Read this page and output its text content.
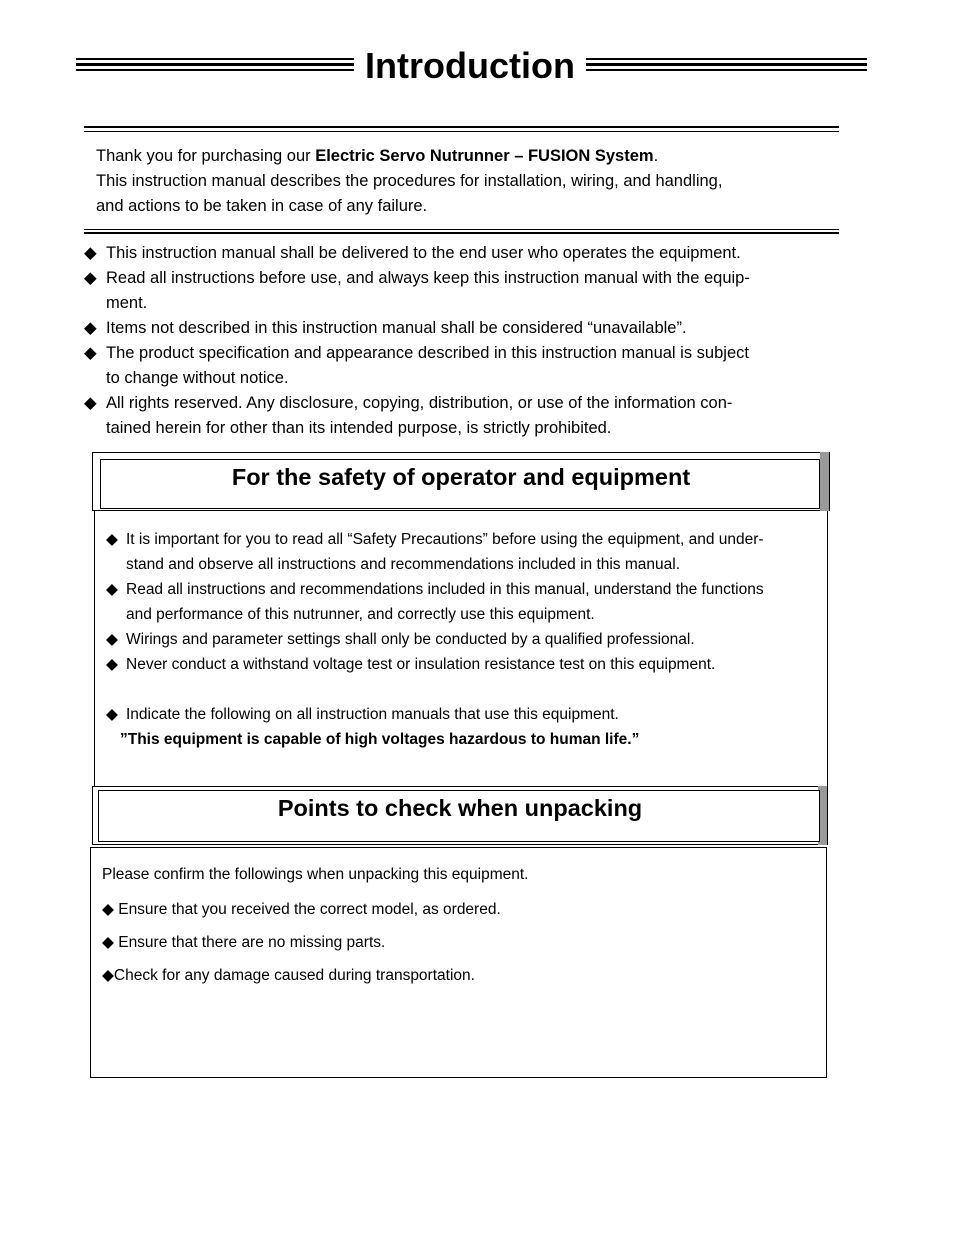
Introduction
Thank you for purchasing our Electric Servo Nutrunner – FUSION System.
This instruction manual describes the procedures for installation, wiring, and handling,
and actions to be taken in case of any failure.
◆ This instruction manual shall be delivered to the end user who operates the equipment.
◆ Read all instructions before use, and always keep this instruction manual with the equip-
ment.
◆ Items not described in this instruction manual shall be considered “unavailable”.
◆ The product specification and appearance described in this instruction manual is subject
to change without notice.
◆ All rights reserved. Any disclosure, copying, distribution, or use of the information con-
tained herein for other than its intended purpose, is strictly prohibited.
For the safety of operator and equipment
◆ It is important for you to read all “Safety Precautions” before using the equipment, and under-
stand and observe all instructions and recommendations included in this manual.
◆ Read all instructions and recommendations included in this manual, understand the functions
and performance of this nutrunner, and correctly use this equipment.
◆ Wirings and parameter settings shall only be conducted by a qualified professional.
◆ Never conduct a withstand voltage test or insulation resistance test on this equipment.
◆ Indicate the following on all instruction manuals that use this equipment.
”This equipment is capable of high voltages hazardous to human life.”
Points to check when unpacking
Please confirm the followings when unpacking this equipment.
◆ Ensure that you received the correct model, as ordered.
◆ Ensure that there are no missing parts.
◆Check for any damage caused during transportation.
